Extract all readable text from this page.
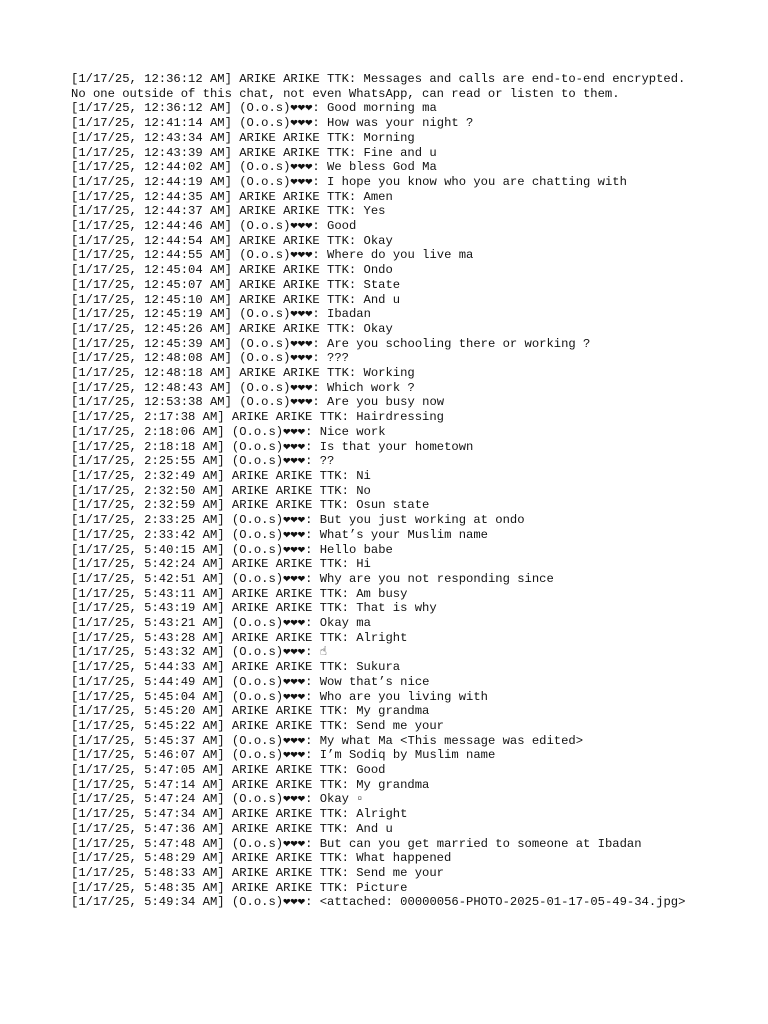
[1/17/25, 12:36:12 AM] ARIKE ARIKE TTK: Messages and calls are end-to-end encrypted. No one outside of this chat, not even WhatsApp, can read or listen to them.
[1/17/25, 12:36:12 AM] (O.o.s)❤❤❤: Good morning ma
[1/17/25, 12:41:14 AM] (O.o.s)❤❤❤: How was your night ?
[1/17/25, 12:43:34 AM] ARIKE ARIKE TTK: Morning
[1/17/25, 12:43:39 AM] ARIKE ARIKE TTK: Fine and u
[1/17/25, 12:44:02 AM] (O.o.s)❤❤❤: We bless God Ma
[1/17/25, 12:44:19 AM] (O.o.s)❤❤❤: I hope you know who you are chatting with
[1/17/25, 12:44:35 AM] ARIKE ARIKE TTK: Amen
[1/17/25, 12:44:37 AM] ARIKE ARIKE TTK: Yes
[1/17/25, 12:44:46 AM] (O.o.s)❤❤❤: Good
[1/17/25, 12:44:54 AM] ARIKE ARIKE TTK: Okay
[1/17/25, 12:44:55 AM] (O.o.s)❤❤❤: Where do you live ma
[1/17/25, 12:45:04 AM] ARIKE ARIKE TTK: Ondo
[1/17/25, 12:45:07 AM] ARIKE ARIKE TTK: State
[1/17/25, 12:45:10 AM] ARIKE ARIKE TTK: And u
[1/17/25, 12:45:19 AM] (O.o.s)❤❤❤: Ibadan
[1/17/25, 12:45:26 AM] ARIKE ARIKE TTK: Okay
[1/17/25, 12:45:39 AM] (O.o.s)❤❤❤: Are you schooling there or working ?
[1/17/25, 12:48:08 AM] (O.o.s)❤❤❤: ???
[1/17/25, 12:48:18 AM] ARIKE ARIKE TTK: Working
[1/17/25, 12:48:43 AM] (O.o.s)❤❤❤: Which work ?
[1/17/25, 12:53:38 AM] (O.o.s)❤❤❤: Are you busy now
[1/17/25, 2:17:38 AM] ARIKE ARIKE TTK: Hairdressing
[1/17/25, 2:18:06 AM] (O.o.s)❤❤❤: Nice work
[1/17/25, 2:18:18 AM] (O.o.s)❤❤❤: Is that your hometown
[1/17/25, 2:25:55 AM] (O.o.s)❤❤❤: ??
[1/17/25, 2:32:49 AM] ARIKE ARIKE TTK: Ni
[1/17/25, 2:32:50 AM] ARIKE ARIKE TTK: No
[1/17/25, 2:32:59 AM] ARIKE ARIKE TTK: Osun state
[1/17/25, 2:33:25 AM] (O.o.s)❤❤❤: But you just working at ondo
[1/17/25, 2:33:42 AM] (O.o.s)❤❤❤: What’s your Muslim name
[1/17/25, 5:40:15 AM] (O.o.s)❤❤❤: Hello babe
[1/17/25, 5:42:24 AM] ARIKE ARIKE TTK: Hi
[1/17/25, 5:42:51 AM] (O.o.s)❤❤❤: Why are you not responding since
[1/17/25, 5:43:11 AM] ARIKE ARIKE TTK: Am busy
[1/17/25, 5:43:19 AM] ARIKE ARIKE TTK: That is why
[1/17/25, 5:43:21 AM] (O.o.s)❤❤❤: Okay ma
[1/17/25, 5:43:28 AM] ARIKE ARIKE TTK: Alright
[1/17/25, 5:43:32 AM] (O.o.s)❤❤❤: ☝
[1/17/25, 5:44:33 AM] ARIKE ARIKE TTK: Sukura
[1/17/25, 5:44:49 AM] (O.o.s)❤❤❤: Wow that’s nice
[1/17/25, 5:45:04 AM] (O.o.s)❤❤❤: Who are you living with
[1/17/25, 5:45:20 AM] ARIKE ARIKE TTK: My grandma
[1/17/25, 5:45:22 AM] ARIKE ARIKE TTK: Send me your
[1/17/25, 5:45:37 AM] (O.o.s)❤❤❤: My what Ma <This message was edited>
[1/17/25, 5:46:07 AM] (O.o.s)❤❤❤: I’m Sodiq by Muslim name
[1/17/25, 5:47:05 AM] ARIKE ARIKE TTK: Good
[1/17/25, 5:47:14 AM] ARIKE ARIKE TTK: My grandma
[1/17/25, 5:47:24 AM] (O.o.s)❤❤❤: Okay ▫
[1/17/25, 5:47:34 AM] ARIKE ARIKE TTK: Alright
[1/17/25, 5:47:36 AM] ARIKE ARIKE TTK: And u
[1/17/25, 5:47:48 AM] (O.o.s)❤❤❤: But can you get married to someone at Ibadan
[1/17/25, 5:48:29 AM] ARIKE ARIKE TTK: What happened
[1/17/25, 5:48:33 AM] ARIKE ARIKE TTK: Send me your
[1/17/25, 5:48:35 AM] ARIKE ARIKE TTK: Picture
[1/17/25, 5:49:34 AM] (O.o.s)❤❤❤: <attached: 00000056-PHOTO-2025-01-17-05-49-34.jpg>
